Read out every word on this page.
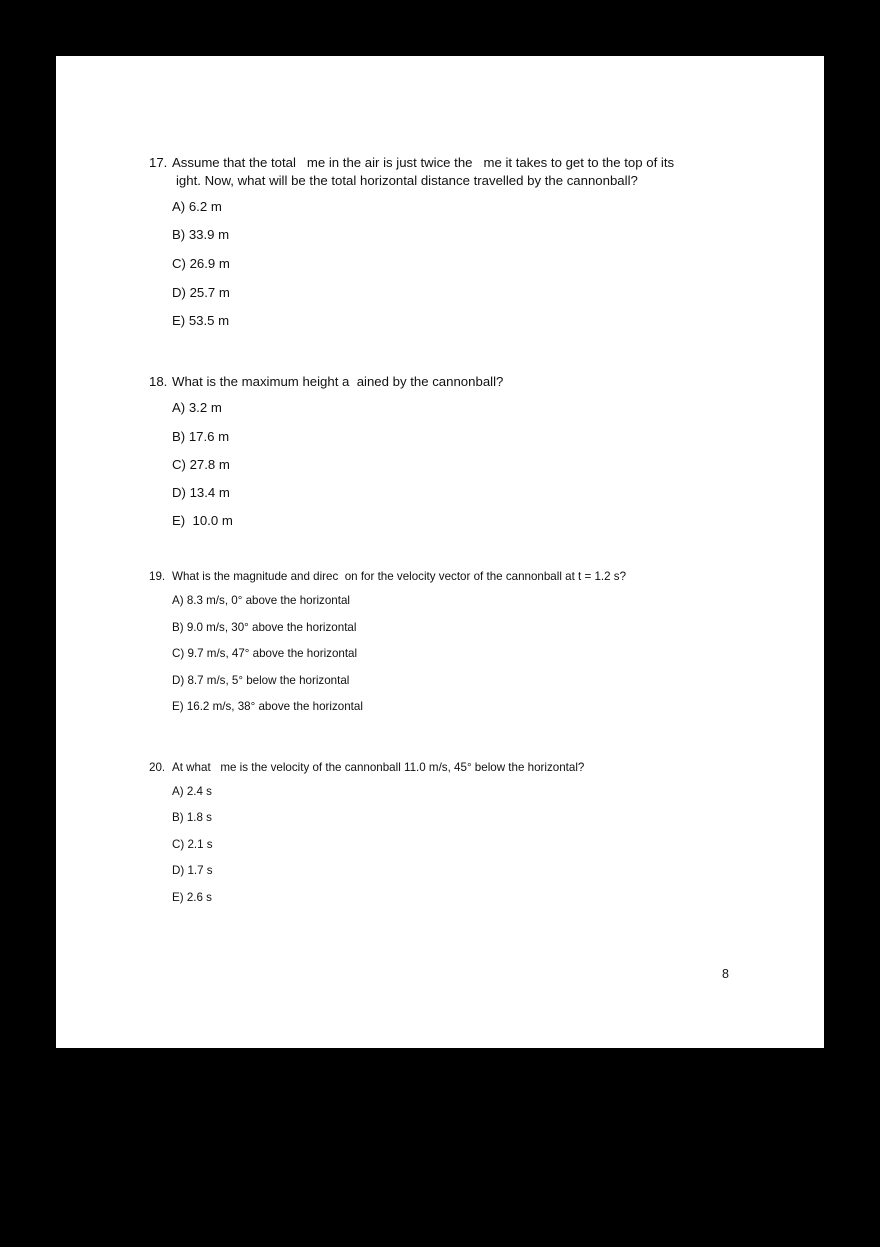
17. Assume that the total   me in the air is just twice the   me it takes to get to the top of its
ight. Now, what will be the total horizontal distance travelled by the cannonball?
A) 6.2 m
B) 33.9 m
C) 26.9 m
D) 25.7 m
E) 53.5 m
18. What is the maximum height a  ained by the cannonball?
A) 3.2 m
B) 17.6 m
C) 27.8 m
D) 13.4 m
E)  10.0 m
19. What is the magnitude and direc  on for the velocity vector of the cannonball at t = 1.2 s?
A) 8.3 m/s, 0° above the horizontal
B) 9.0 m/s, 30° above the horizontal
C) 9.7 m/s, 47° above the horizontal
D) 8.7 m/s, 5° below the horizontal
E) 16.2 m/s, 38° above the horizontal
20. At what   me is the velocity of the cannonball 11.0 m/s, 45° below the horizontal?
A) 2.4 s
B) 1.8 s
C) 2.1 s
D) 1.7 s
E) 2.6 s
8
